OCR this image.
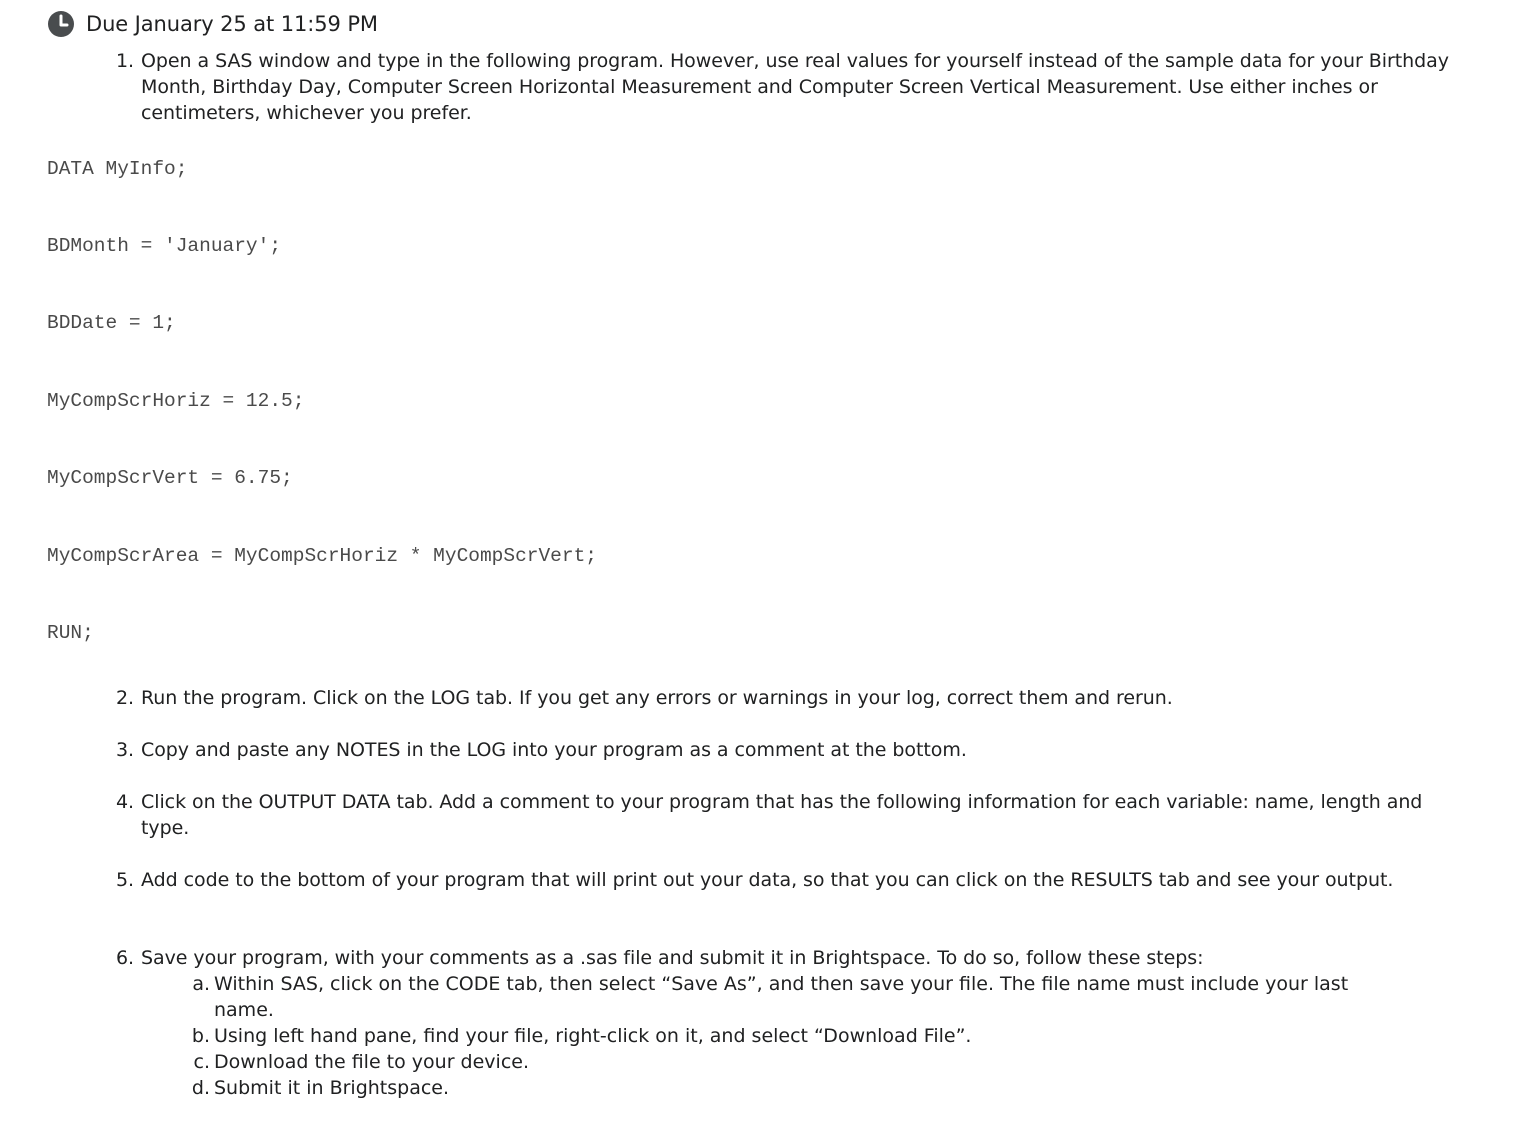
Due January 25 at 11:59 PM
1. Open a SAS window and type in the following program. However, use real values for yourself instead of the sample data for your Birthday Month, Birthday Day, Computer Screen Horizontal Measurement and Computer Screen Vertical Measurement. Use either inches or centimeters, whichever you prefer.
DATA MyInfo;
BDMonth = 'January';
BDDate = 1;
MyCompScrHoriz = 12.5;
MyCompScrVert = 6.75;
MyCompScrArea = MyCompScrHoriz * MyCompScrVert;
RUN;
2. Run the program. Click on the LOG tab. If you get any errors or warnings in your log, correct them and rerun.
3. Copy and paste any NOTES in the LOG into your program as a comment at the bottom.
4. Click on the OUTPUT DATA tab. Add a comment to your program that has the following information for each variable: name, length and type.
5. Add code to the bottom of your program that will print out your data, so that you can click on the RESULTS tab and see your output.
6. Save your program, with your comments as a .sas file and submit it in Brightspace. To do so, follow these steps:
a. Within SAS, click on the CODE tab, then select “Save As”, and then save your file. The file name must include your last name.
b. Using left hand pane, find your file, right-click on it, and select “Download File”.
c. Download the file to your device.
d. Submit it in Brightspace.
